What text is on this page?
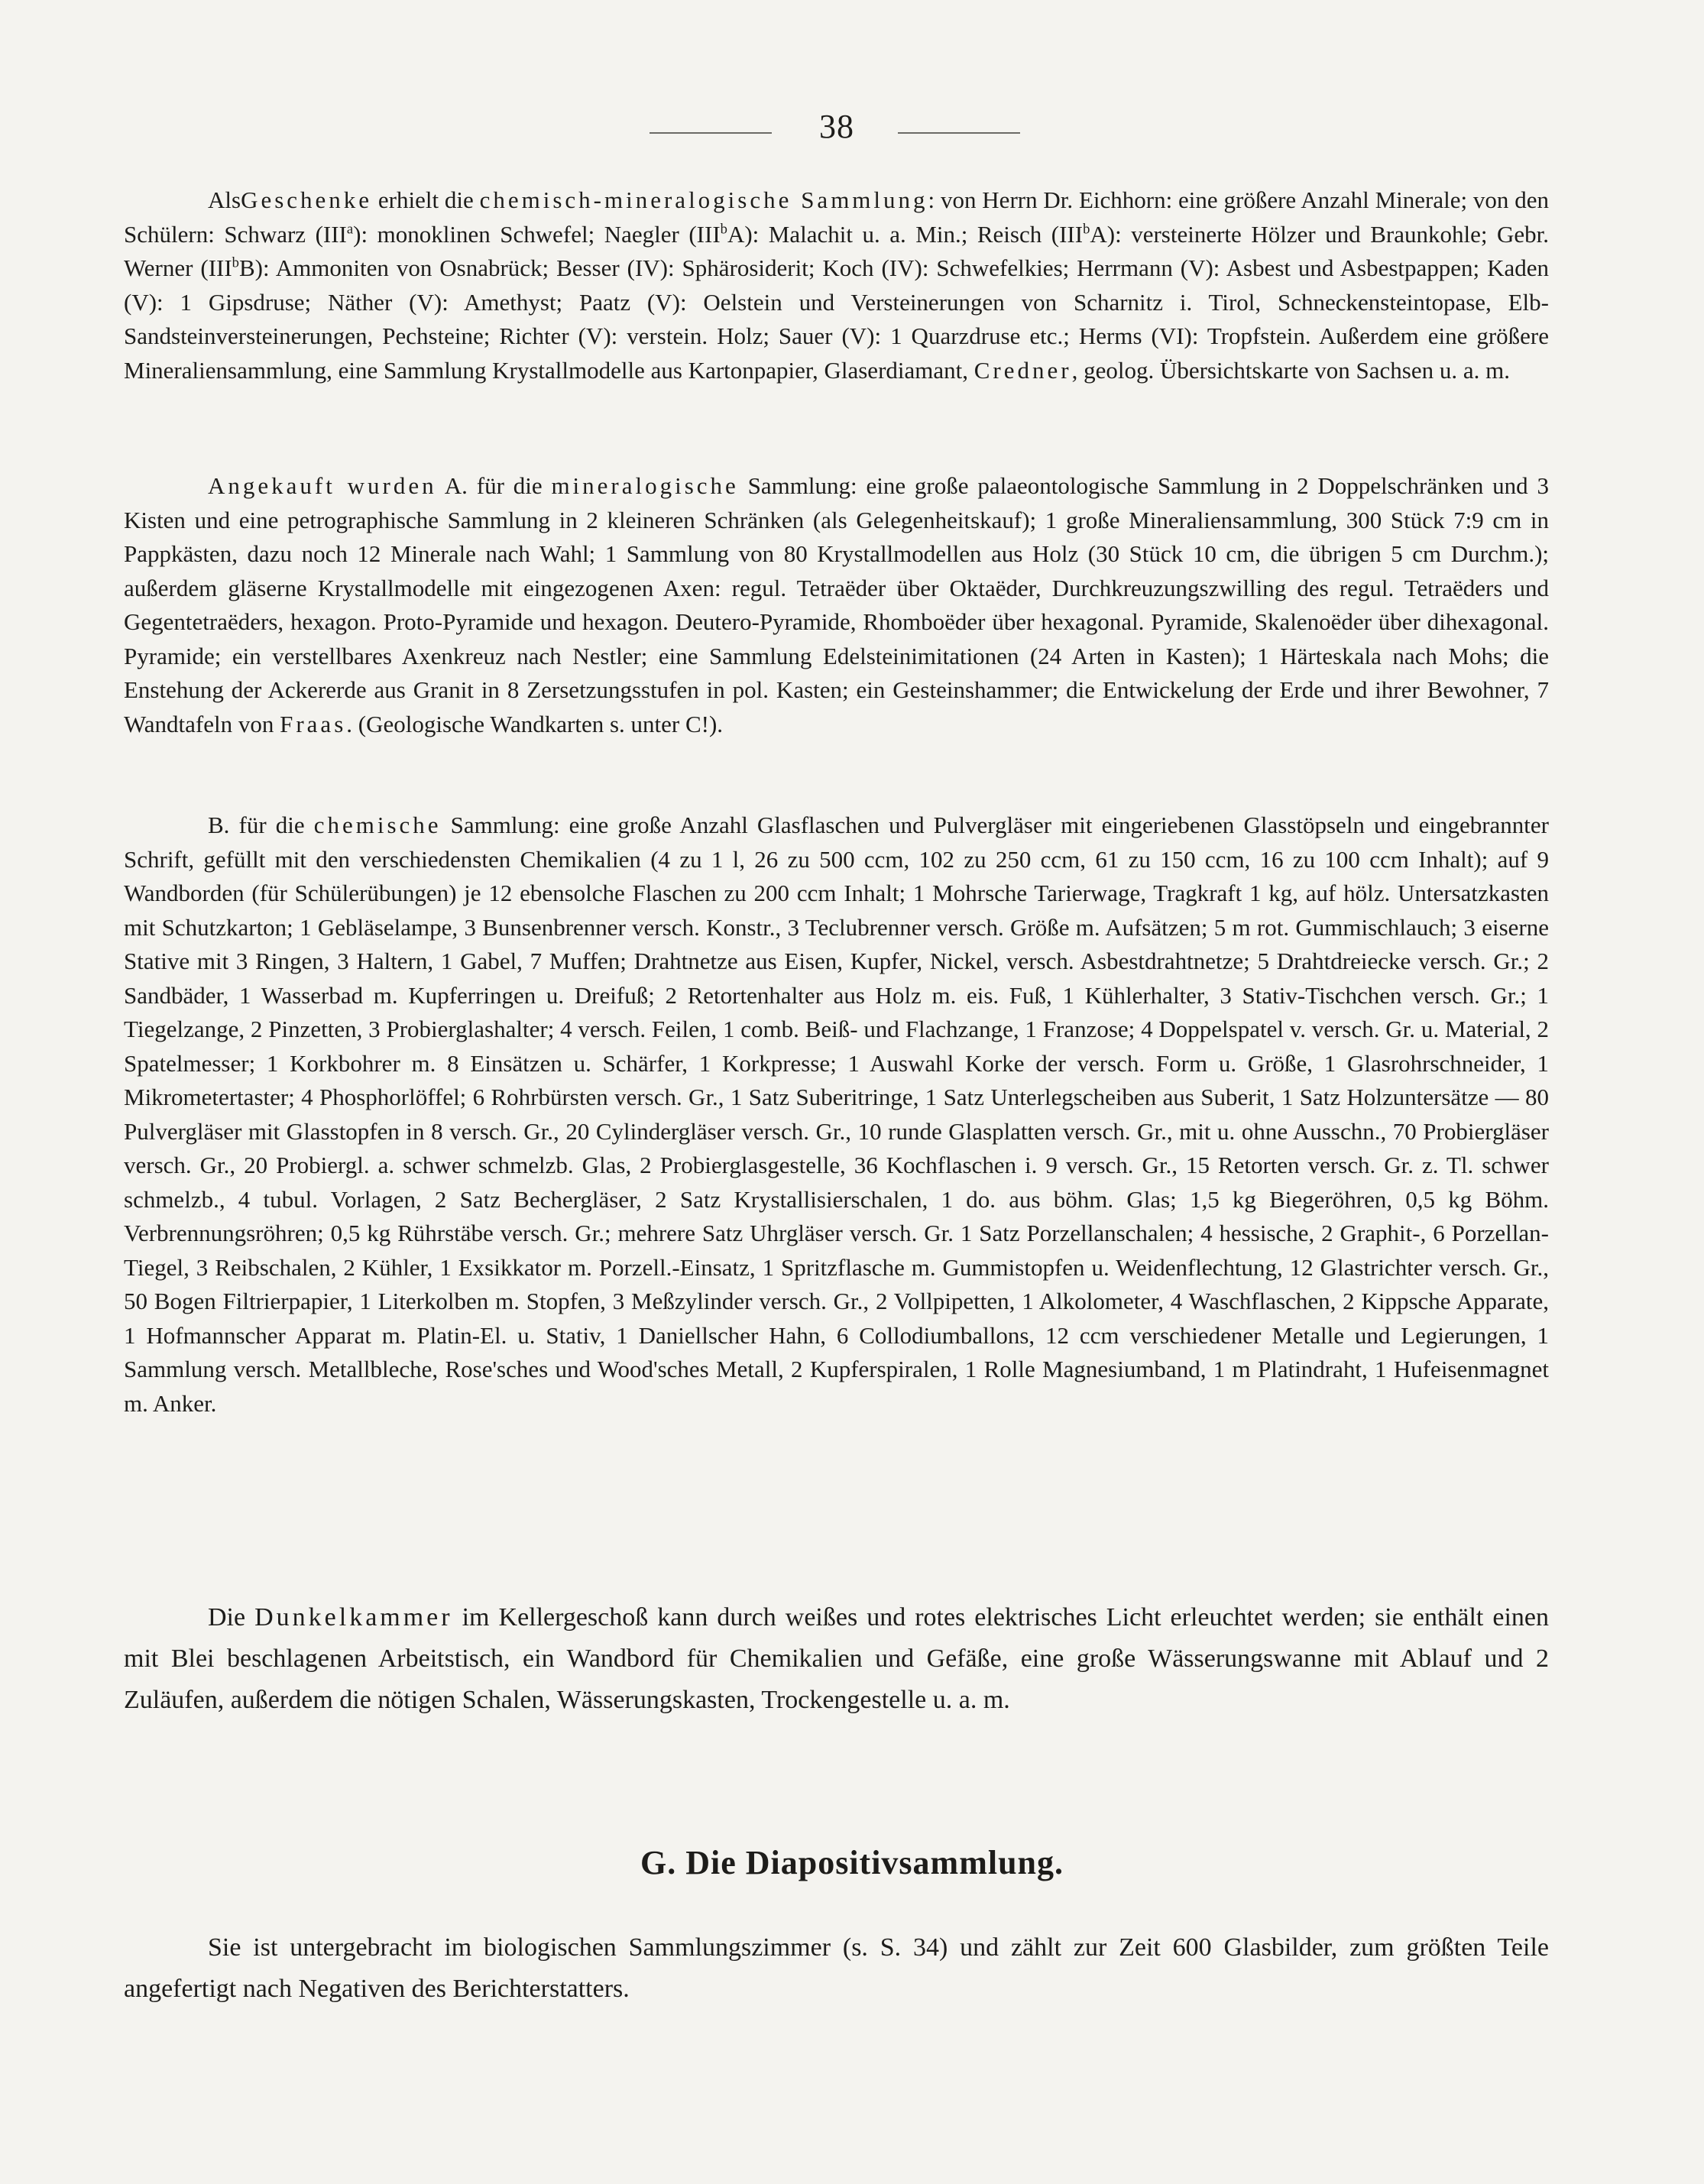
38

AlsGeschenke erhielt die chemisch-mineralogische Sammlung: von Herrn Dr. Eichhorn: eine größere Anzahl Minerale; von den Schülern: Schwarz (III$^a$): monoklinen Schwefel; Naegler (III$^b$A): Malachit u. a. Min.; Reisch (III$^b$A): versteinerte Hölzer und Braunkohle; Gebr. Werner (III$^b$B): Ammoniten von Osnabrück; Besser (IV): Sphärosiderit; Koch (IV): Schwefelkies; Herrmann (V): Asbest und Asbestpappen; Kaden (V): 1 Gipsdruse; Näther (V): Amethyst; Paatz (V): Oelstein und Versteinerungen von Scharnitz i. Tirol, Schneckensteintopase, Elb-Sandsteinversteinerungen, Pechsteine; Richter (V): verstein. Holz; Sauer (V): 1 Quarzdruse etc.; Herms (VI): Tropfstein. Außerdem eine größere Mineraliensammlung, eine Sammlung Krystallmodelle aus Kartonpapier, Glaserdiamant, Credner, geolog. Übersichtskarte von Sachsen u. a. m.

Angekauft wurden A. für die mineralogische Sammlung: eine große palaeontologische Sammlung in 2 Doppelschränken und 3 Kisten und eine petrographische Sammlung in 2 kleineren Schränken (als Gelegenheitskauf); 1 große Mineraliensammlung, 300 Stück 7:9 cm in Pappkästen, dazu noch 12 Minerale nach Wahl; 1 Sammlung von 80 Krystallmodellen aus Holz (30 Stück 10 cm, die übrigen 5 cm Durchm.); außerdem gläserne Krystallmodelle mit eingezogenen Axen: regul. Tetraëder über Oktaëder, Durchkreuzungszwilling des regul. Tetraëders und Gegentetraëders, hexagon. Proto-Pyramide und hexagon. Deutero-Pyramide, Rhomboëder über hexagonal. Pyramide, Skalenoëder über dihexagonal. Pyramide; ein verstellbares Axenkreuz nach Nestler; eine Sammlung Edelsteinimitationen (24 Arten in Kasten); 1 Härteskala nach Mohs; die Enstehung der Ackererde aus Granit in 8 Zersetzungsstufen in pol. Kasten; ein Gesteinshammer; die Entwickelung der Erde und ihrer Bewohner, 7 Wandtafeln von Fraas. (Geologische Wandkarten s. unter C!).

B. für die chemische Sammlung: eine große Anzahl Glasflaschen und Pulvergläser mit eingeriebenen Glasstöpseln und eingebrannter Schrift, gefüllt mit den verschiedensten Chemikalien (4 zu 1 l, 26 zu 500 ccm, 102 zu 250 ccm, 61 zu 150 ccm, 16 zu 100 ccm Inhalt); auf 9 Wandborden (für Schülerübungen) je 12 ebensolche Flaschen zu 200 ccm Inhalt; 1 Mohrsche Tarierwage, Tragkraft 1 kg, auf hölz. Untersatzkasten mit Schutzkarton; 1 Gebläselampe, 3 Bunsenbrenner versch. Konstr., 3 Teclubrenner versch. Größe m. Aufsätzen; 5 m rot. Gummischlauch; 3 eiserne Stative mit 3 Ringen, 3 Haltern, 1 Gabel, 7 Muffen; Drahtnetze aus Eisen, Kupfer, Nickel, versch. Asbestdrahtnetze; 5 Drahtdreiecke versch. Gr.; 2 Sandbäder, 1 Wasserbad m. Kupferringen u. Dreifuß; 2 Retortenhalter aus Holz m. eis. Fuß, 1 Kühlerhalter, 3 Stativ-Tischchen versch. Gr.; 1 Tiegelzange, 2 Pinzetten, 3 Probierglashalter; 4 versch. Feilen, 1 comb. Beiß- und Flachzange, 1 Franzose; 4 Doppelspatel v. versch. Gr. u. Material, 2 Spatelmesser; 1 Korkbohrer m. 8 Einsätzen u. Schärfer, 1 Korkpresse; 1 Auswahl Korke der versch. Form u. Größe, 1 Glasrohrschneider, 1 Mikrometertaster; 4 Phosphorlöffel; 6 Rohrbürsten versch. Gr., 1 Satz Suberitringe, 1 Satz Unterlegscheiben aus Suberit, 1 Satz Holzuntersätze — 80 Pulvergläser mit Glasstopfen in 8 versch. Gr., 20 Cylindergläser versch. Gr., 10 runde Glasplatten versch. Gr., mit u. ohne Ausschn., 70 Probiergläser versch. Gr., 20 Probiergl. a. schwer schmelzb. Glas, 2 Probierglasgestelle, 36 Kochflaschen i. 9 versch. Gr., 15 Retorten versch. Gr. z. Tl. schwer schmelzb., 4 tubul. Vorlagen, 2 Satz Bechergläser, 2 Satz Krystallisierschalen, 1 do. aus böhm. Glas; 1,5 kg Biegeröhren, 0,5 kg Böhm. Verbrennungsröhren; 0,5 kg Rührstäbe versch. Gr.; mehrere Satz Uhrgläser versch. Gr. 1 Satz Porzellanschalen; 4 hessische, 2 Graphit-, 6 Porzellan-Tiegel, 3 Reibschalen, 2 Kühler, 1 Exsikkator m. Porzell.-Einsatz, 1 Spritzflasche m. Gummistopfen u. Weidenflechtung, 12 Glastrichter versch. Gr., 50 Bogen Filtrierpapier, 1 Literkolben m. Stopfen, 3 Meßzylinder versch. Gr., 2 Vollpipetten, 1 Alkolometer, 4 Waschflaschen, 2 Kippsche Apparate, 1 Hofmannscher Apparat m. Platin-El. u. Stativ, 1 Daniellscher Hahn, 6 Collodiumballons, 12 ccm verschiedener Metalle und Legierungen, 1 Sammlung versch. Metallbleche, Rose'sches und Wood'sches Metall, 2 Kupferspiralen, 1 Rolle Magnesiumband, 1 m Platindraht, 1 Hufeisenmagnet m. Anker.

Die Dunkelkammer im Kellergeschoß kann durch weißes und rotes elektrisches Licht erleuchtet werden; sie enthält einen mit Blei beschlagenen Arbeitstisch, ein Wandbord für Chemikalien und Gefäße, eine große Wässerungswanne mit Ablauf und 2 Zuläufen, außerdem die nötigen Schalen, Wässerungskasten, Trockengestelle u. a. m.

G. Die Diapositivsammlung.

Sie ist untergebracht im biologischen Sammlungszimmer (s. S. 34) und zählt zur Zeit 600 Glasbilder, zum größten Teile angefertigt nach Negativen des Berichterstatters.
